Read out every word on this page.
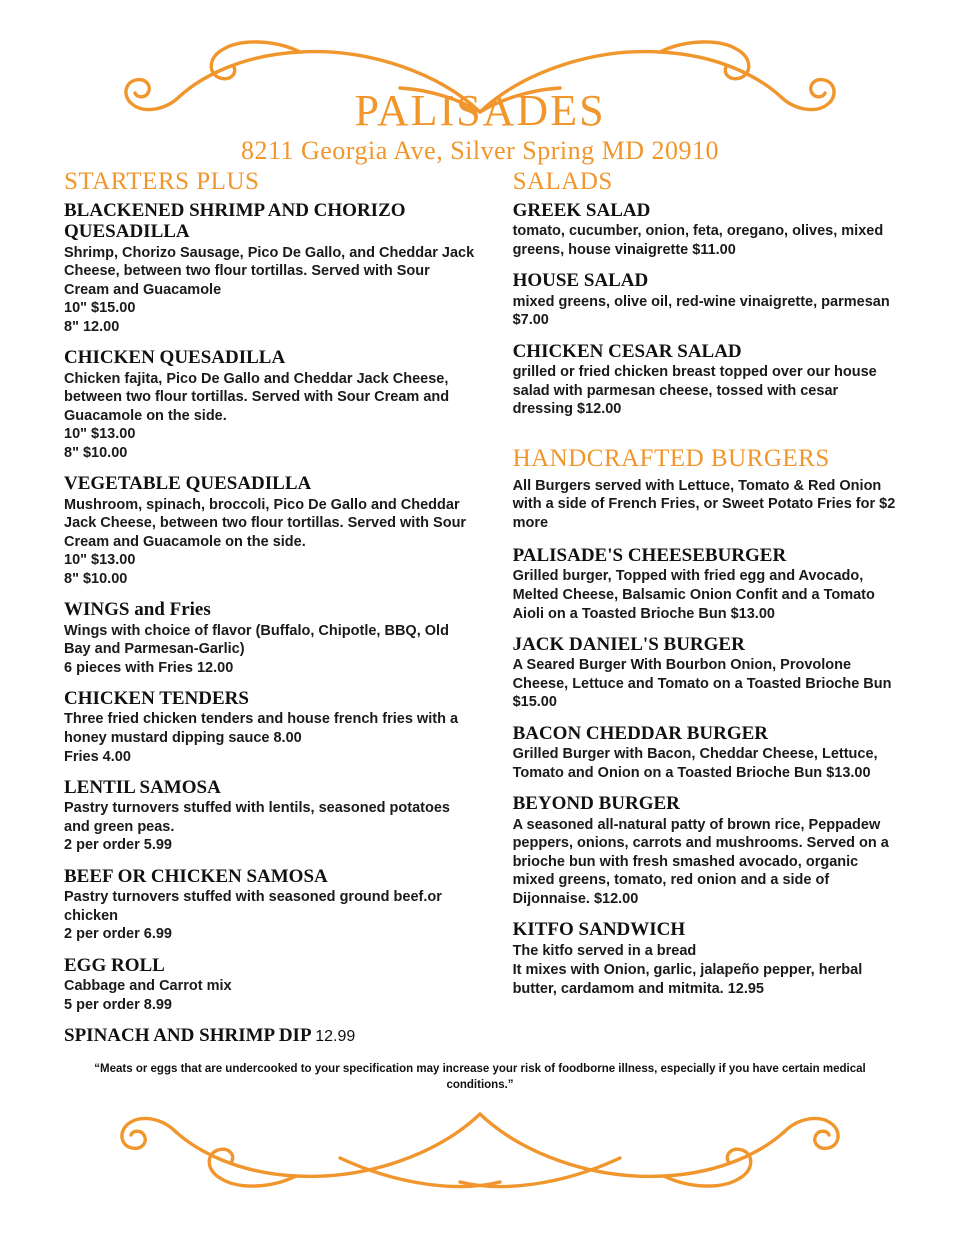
PALISADES
8211 Georgia Ave, Silver Spring MD 20910
STARTERS PLUS

BLACKENED SHRIMP AND CHORIZO QUESADILLA

Shrimp, Chorizo Sausage, Pico De Gallo, and Cheddar Jack Cheese, between two flour tortillas. Served with Sour Cream and Guacamole

10" $15.00

8" 12.00

CHICKEN QUESADILLA

Chicken fajita, Pico De Gallo and Cheddar Jack Cheese, between two flour tortillas. Served with Sour Cream and Guacamole on the side.

10" $13.00

8" $10.00

VEGETABLE QUESADILLA

Mushroom, spinach, broccoli, Pico De Gallo and Cheddar Jack Cheese, between two flour tortillas. Served with Sour Cream and Guacamole on the side.

10" $13.00

8" $10.00

WINGS and Fries

Wings with choice of flavor (Buffalo, Chipotle, BBQ, Old Bay and Parmesan-Garlic)

6 pieces with Fries 12.00

CHICKEN TENDERS

Three fried chicken tenders and house french fries with a honey mustard dipping sauce 8.00

Fries 4.00

LENTIL SAMOSA

Pastry turnovers stuffed with lentils, seasoned potatoes and green peas.

2 per order 5.99

BEEF OR CHICKEN SAMOSA

Pastry turnovers stuffed with seasoned ground beef.or chicken

2 per order 6.99

EGG ROLL

Cabbage and Carrot mix

5 per order 8.99

SPINACH AND SHRIMP DIP 12.99

SALADS

GREEK SALAD

tomato, cucumber, onion, feta, oregano, olives, mixed greens, house vinaigrette $11.00

HOUSE SALAD

mixed greens, olive oil, red-wine vinaigrette, parmesan $7.00

CHICKEN CESAR SALAD

grilled or fried chicken breast topped over our house salad with parmesan cheese, tossed with cesar dressing $12.00

HANDCRAFTED BURGERS

All Burgers served with Lettuce, Tomato & Red Onion with a side of French Fries, or Sweet Potato Fries for $2 more

PALISADE'S CHEESEBURGER

Grilled burger, Topped with fried egg and Avocado, Melted Cheese, Balsamic Onion Confit and a Tomato Aioli on a Toasted Brioche Bun $13.00

JACK DANIEL'S BURGER

A Seared Burger With Bourbon Onion, Provolone Cheese, Lettuce and Tomato on a Toasted Brioche Bun $15.00

BACON CHEDDAR BURGER

Grilled Burger with Bacon, Cheddar Cheese, Lettuce, Tomato and Onion on a Toasted Brioche Bun $13.00

BEYOND BURGER

A seasoned all-natural patty of brown rice, Peppadew peppers, onions, carrots and mushrooms. Served on a brioche bun with fresh smashed avocado, organic mixed greens, tomato, red onion and a side of Dijonnaise. $12.00

KITFO SANDWICH

The kitfo served in a bread

It mixes with Onion, garlic, jalapeño pepper, herbal butter, cardamom and mitmita. 12.95

“Meats or eggs that are undercooked to your specification may increase your risk of foodborne illness, especially if you have certain medical conditions.”
